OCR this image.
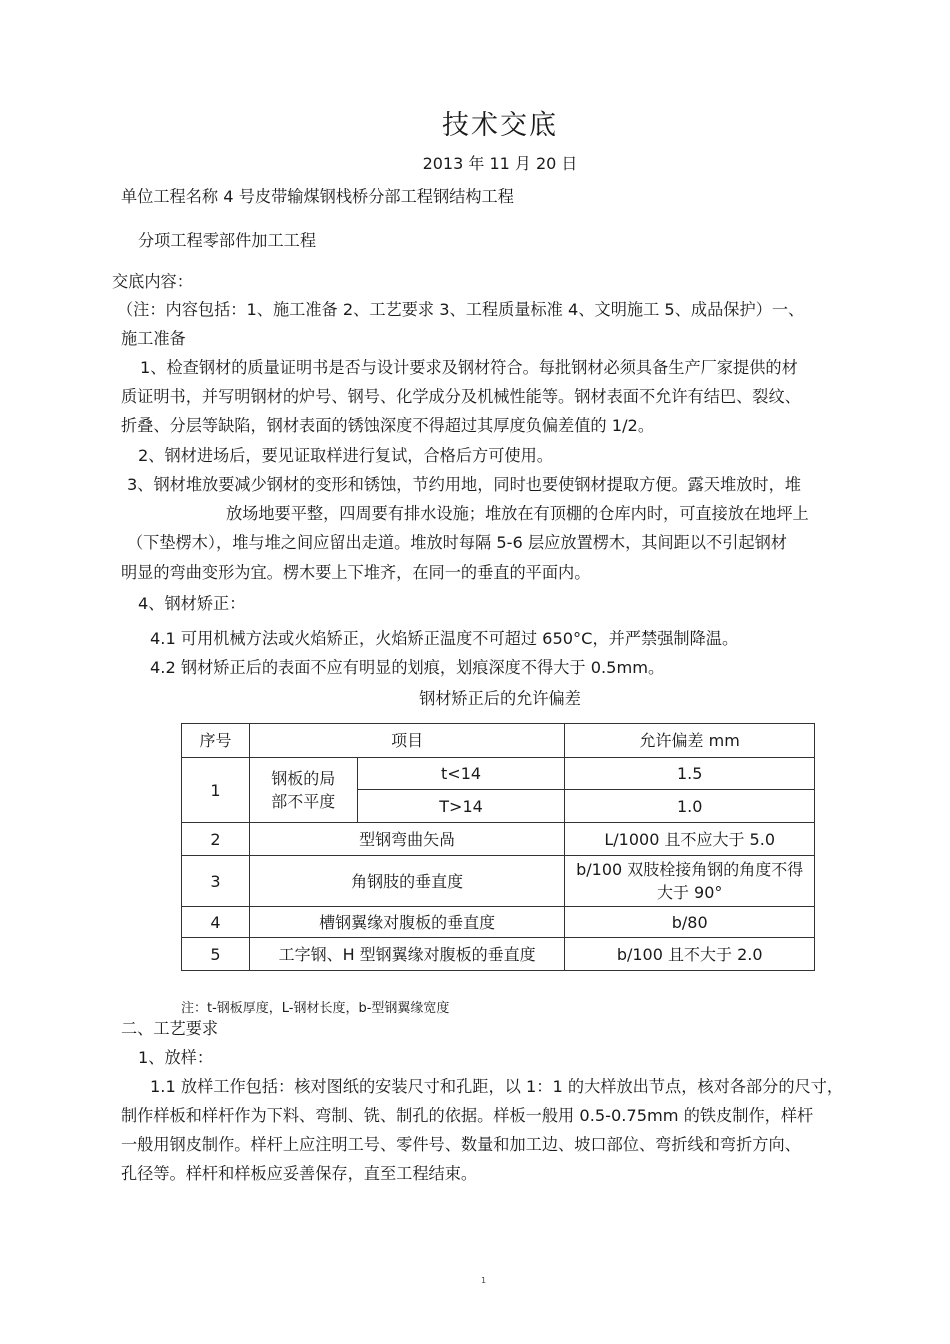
技术交底
2013 年 11 月 20 日
单位工程名称 4 号皮带输煤钢栈桥分部工程钢结构工程
分项工程零部件加工工程
交底内容：
（注：内容包括：1、施工准备 2、工艺要求 3、工程质量标准 4、文明施工 5、成品保护）一、
施工准备
1、检查钢材的质量证明书是否与设计要求及钢材符合。每批钢材必须具备生产厂家提供的材
质证明书，并写明钢材的炉号、钢号、化学成分及机械性能等。钢材表面不允许有结巴、裂纹、
折叠、分层等缺陷，钢材表面的锈蚀深度不得超过其厚度负偏差值的 1/2。
2、钢材进场后，要见证取样进行复试，合格后方可使用。
3、钢材堆放要减少钢材的变形和锈蚀，节约用地，同时也要使钢材提取方便。露天堆放时，堆
放场地要平整，四周要有排水设施；堆放在有顶棚的仓库内时，可直接放在地坪上
（下垫楞木），堆与堆之间应留出走道。堆放时每隔 5-6 层应放置楞木，其间距以不引起钢材
明显的弯曲变形为宜。楞木要上下堆齐，在同一的垂直的平面内。
4、钢材矫正：
4.1 可用机械方法或火焰矫正，火焰矫正温度不可超过 650°C，并严禁强制降温。
4.2 钢材矫正后的表面不应有明显的划痕，划痕深度不得大于 0.5mm。
钢材矫正后的允许偏差
序号	项目		允许偏差 mm
1	钢板的局部不平度	t<14	1.5
		T>14	1.0
2	型钢弯曲矢咼		L/1000 且不应大于 5.0
3	角钢肢的垂直度		b/100 双肢栓接角钢的角度不得大于 90°
4	槽钢翼缘对腹板的垂直度		b/80
5	工字钢、H 型钢翼缘对腹板的垂直度		b/100 且不大于 2.0
注：t-钢板厚度，L-钢材长度，b-型钢翼缘宽度
二、工艺要求
1、放样：
1.1 放样工作包括：核对图纸的安装尺寸和孔距，以 1：1 的大样放出节点，核对各部分的尺寸，
制作样板和样杆作为下料、弯制、铣、制孔的依据。样板一般用 0.5-0.75mm 的铁皮制作，样杆
一般用钢皮制作。样杆上应注明工号、零件号、数量和加工边、坡口部位、弯折线和弯折方向、
孔径等。样杆和样板应妥善保存，直至工程结束。
1
